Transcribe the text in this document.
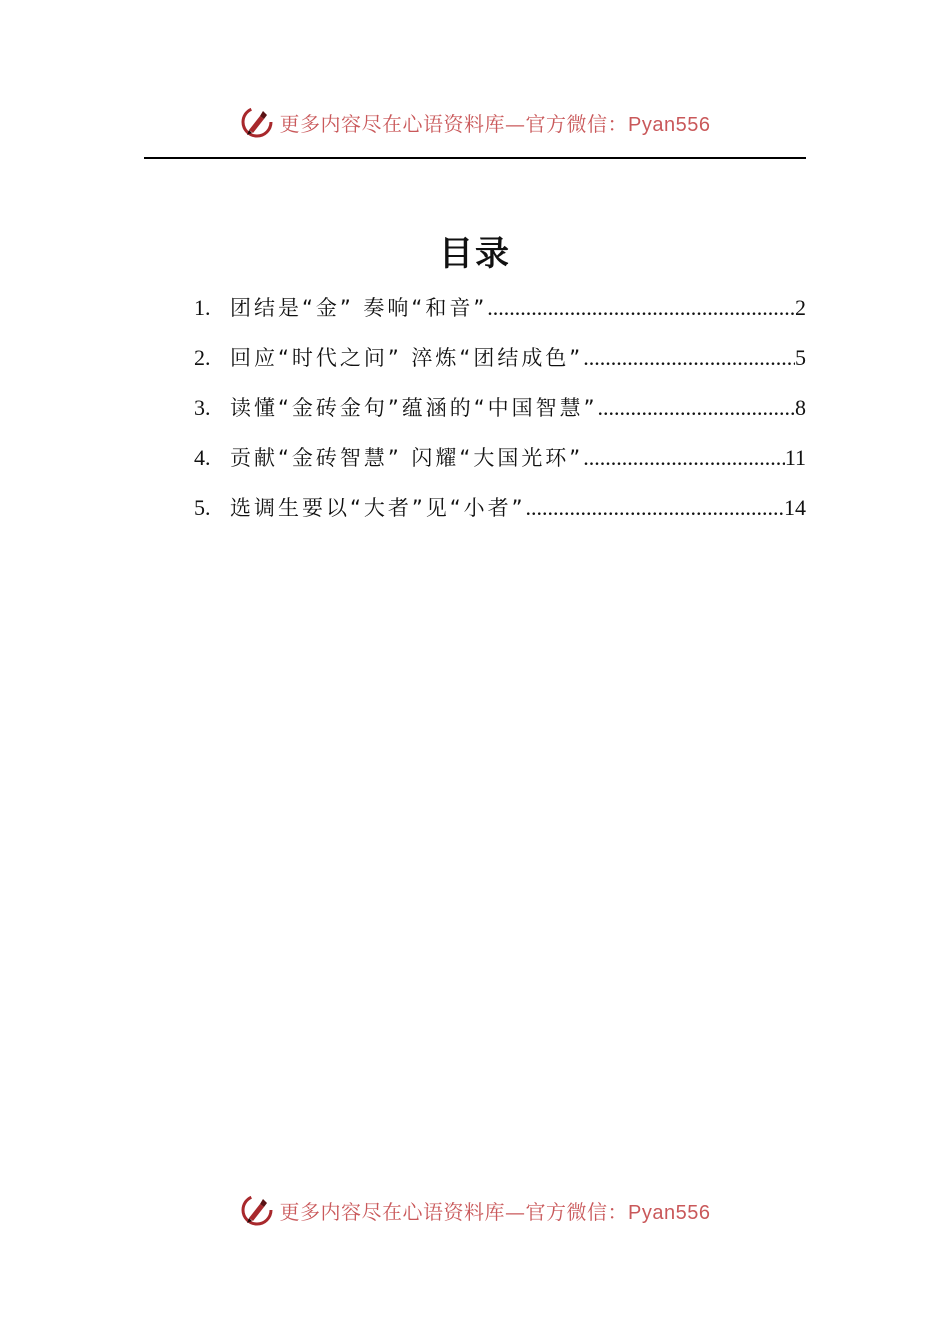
更多内容尽在心语资料库—官方微信：Pyan556
目录
1. 团结是“金” 奏响“和音” .....	2
2. 回应“时代之问” 淬炼“团结成色” .....	5
3. 读懂“金砖金句”蕴涵的“中国智慧” .....	8
4. 贡献“金砖智慧” 闪耀“大国光环” .....	11
5. 选调生要以“大者”见“小者” .....	14
更多内容尽在心语资料库—官方微信：Pyan556
